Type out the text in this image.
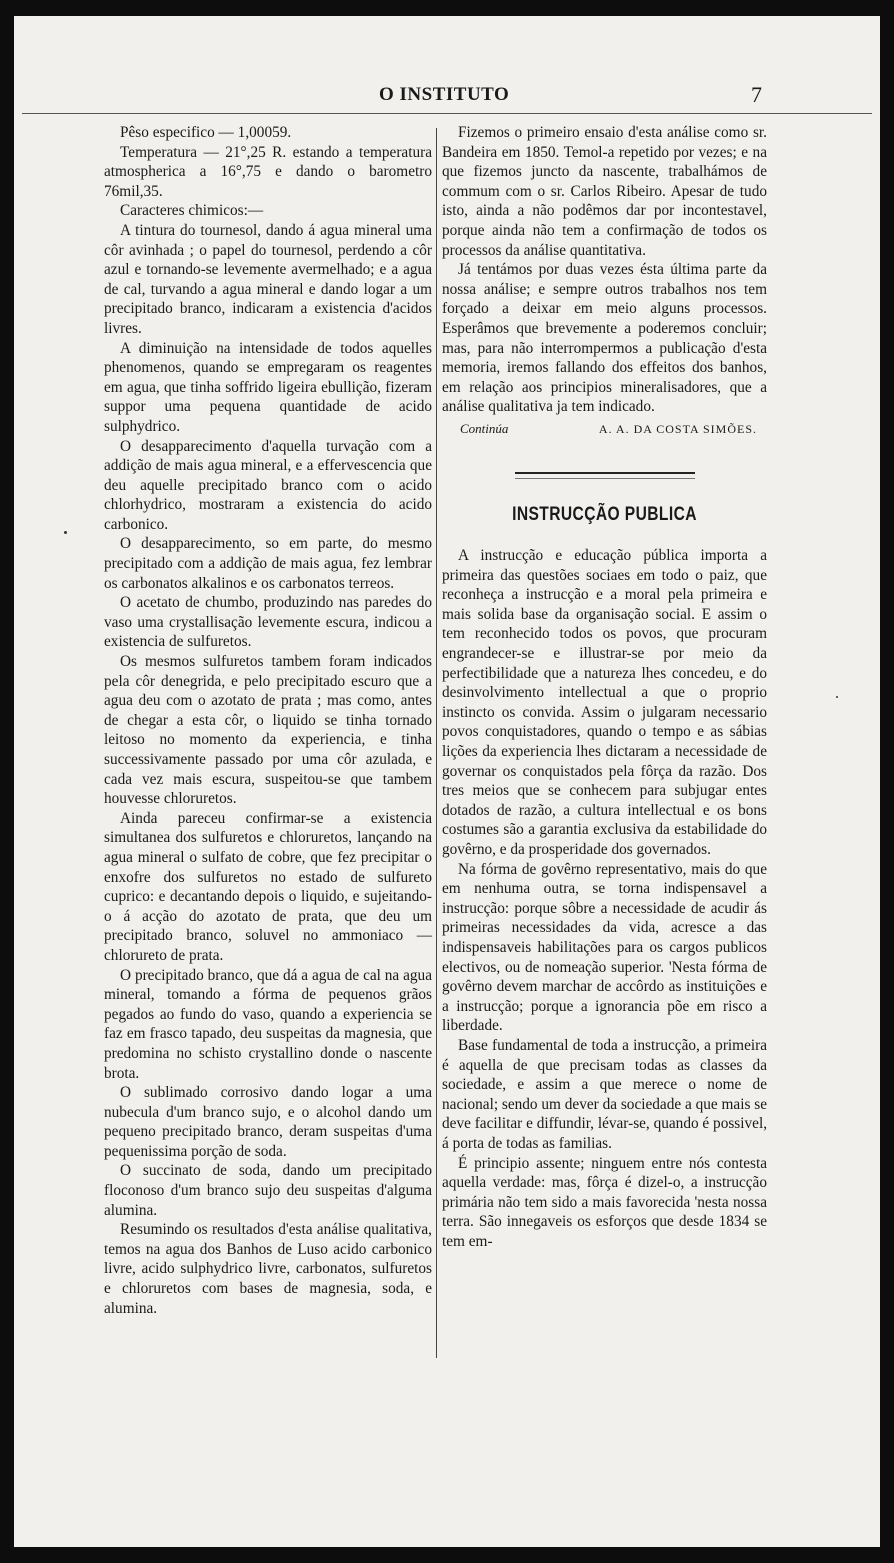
O INSTITUTO	7

Pêso especifico — 1,00059.

Temperatura — 21°,25 R. estando a temperatura atmospherica a 16°,75 e dando o barometro 76mil,35.

Caracteres chimicos:—

A tintura do tournesol, dando á agua mineral uma côr avinhada ; o papel do tournesol, perdendo a côr azul e tornando-se levemente avermelhado; e a agua de cal, turvando a agua mineral e dando logar a um precipitado branco, indicaram a existencia d'acidos livres.

A diminuição na intensidade de todos aquelles phenomenos, quando se empregaram os reagentes em agua, que tinha soffrido ligeira ebullição, fizeram suppor uma pequena quantidade de acido sulphydrico.

O desapparecimento d'aquella turvação com a addição de mais agua mineral, e a effervescencia que deu aquelle precipitado branco com o acido chlorhydrico, mostraram a existencia do acido carbonico.

O desapparecimento, so em parte, do mesmo precipitado com a addição de mais agua, fez lembrar os carbonatos alkalinos e os carbonatos terreos.

O acetato de chumbo, produzindo nas paredes do vaso uma crystallisação levemente escura, indicou a existencia de sulfuretos.

Os mesmos sulfuretos tambem foram indicados pela côr denegrida, e pelo precipitado escuro que a agua deu com o azotato de prata ; mas como, antes de chegar a esta côr, o liquido se tinha tornado leitoso no momento da experiencia, e tinha successivamente passado por uma côr azulada, e cada vez mais escura, suspeitou-se que tambem houvesse chloruretos.

Ainda pareceu confirmar-se a existencia simultanea dos sulfuretos e chloruretos, lançando na agua mineral o sulfato de cobre, que fez precipitar o enxofre dos sulfuretos no estado de sulfureto cuprico: e decantando depois o liquido, e sujeitando-o á acção do azotato de prata, que deu um precipitado branco, soluvel no ammoniaco — chlorureto de prata.

O precipitado branco, que dá a agua de cal na agua mineral, tomando a fórma de pequenos grãos pegados ao fundo do vaso, quando a experiencia se faz em frasco tapado, deu suspeitas da magnesia, que predomina no schisto crystallino donde o nascente brota.

O sublimado corrosivo dando logar a uma nubecula d'um branco sujo, e o alcohol dando um pequeno precipitado branco, deram suspeitas d'uma pequenissima porção de soda.

O succinato de soda, dando um precipitado floconoso d'um branco sujo deu suspeitas d'alguma alumina.

Resumindo os resultados d'esta análise qualitativa, temos na agua dos Banhos de Luso acido carbonico livre, acido sulphydrico livre, carbonatos, sulfuretos e chloruretos com bases de magnesia, soda, e alumina.

Fizemos o primeiro ensaio d'esta análise como sr. Bandeira em 1850. Temol-a repetido por vezes; e na que fizemos juncto da nascente, trabalhámos de commum com o sr. Carlos Ribeiro. Apesar de tudo isto, ainda a não podêmos dar por incontestavel, porque ainda não tem a confirmação de todos os processos da análise quantitativa.

Já tentámos por duas vezes ésta última parte da nossa análise; e sempre outros trabalhos nos tem forçado a deixar em meio alguns processos. Esperâmos que brevemente a poderemos concluir; mas, para não interrompermos a publicação d'esta memoria, iremos fallando dos effeitos dos banhos, em relação aos principios mineralisadores, que a análise qualitativa ja tem indicado.

Continúa	A. A. DA COSTA SIMÕES.
INSTRUCÇÃO PUBLICA

A instrucção e educação pública importa a primeira das questões sociaes em todo o paiz, que reconheça a instrucção e a moral pela primeira e mais solida base da organisação social. E assim o tem reconhecido todos os povos, que procuram engrandecer-se e illustrar-se por meio da perfectibilidade que a natureza lhes concedeu, e do desinvolvimento intellectual a que o proprio instincto os convida. Assim o julgaram necessario povos conquistadores, quando o tempo e as sábias lições da experiencia lhes dictaram a necessidade de governar os conquistados pela fôrça da razão. Dos tres meios que se conhecem para subjugar entes dotados de razão, a cultura intellectual e os bons costumes são a garantia exclusiva da estabilidade do govêrno, e da prosperidade dos governados.

Na fórma de govêrno representativo, mais do que em nenhuma outra, se torna indispensavel a instrucção: porque sôbre a necessidade de acudir ás primeiras necessidades da vida, acresce a das indispensaveis habilitações para os cargos publicos electivos, ou de nomeação superior. 'Nesta fórma de govêrno devem marchar de accôrdo as instituições e a instrucção; porque a ignorancia põe em risco a liberdade.

Base fundamental de toda a instrucção, a primeira é aquella de que precisam todas as classes da sociedade, e assim a que merece o nome de nacional; sendo um dever da sociedade a que mais se deve facilitar e diffundir, lévar-se, quando é possivel, á porta de todas as familias.

É principio assente; ninguem entre nós contesta aquella verdade: mas, fôrça é dizel-o, a instrucção primária não tem sido a mais favorecida 'nesta nossa terra. São innegaveis os esforços que desde 1834 se tem em-
